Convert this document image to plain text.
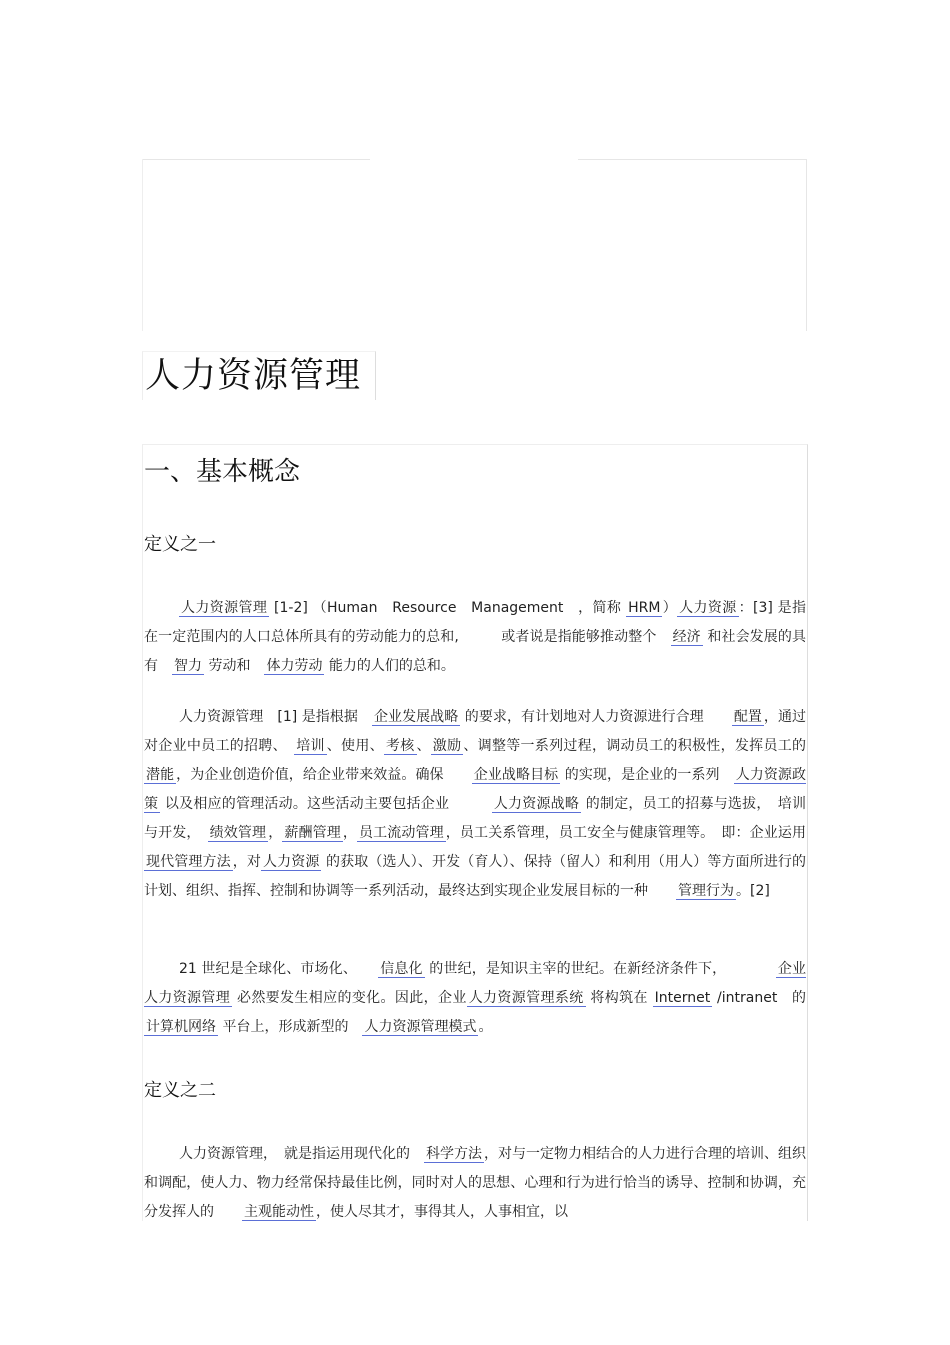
人力资源管理
一、基本概念
定义之一

人力资源管理 [1-2] （Human　Resource　Management　，简称 HRM ） 人力资源 ：[3] 是指在一定范围内的人口总体所具有的劳动能力的总和,　　　或者说是指能够推动整个　经济 和社会发展的具有　智力 劳动和　体力劳动 能力的人们的总和。

人力资源管理　[1] 是指根据　企业发展战略 的要求，有计划地对人力资源进行合理　　配置 ，通过对企业中员工的招聘、　培训 、使用、 考核 、 激励 、调整等一系列过程，调动员工的积极性，发挥员工的　潜能 ，为企业创造价值，给企业带来效益。确保　　企业战略目标 的实现，是企业的一系列　人力资源政策 以及相应的管理活动。这些活动主要包括企业　　　人力资源战略 的制定，员工的招募与选拔，　培训与开发，　绩效管理 ， 薪酬管理 ， 员工流动管理 ，员工关系管理，员工安全与健康管理等。　即：企业运用　现代管理方法 ，对 人力资源 的获取（选人）、开发（育人）、保持（留人）和利用（用人）等方面所进行的计划、组织、指挥、控制和协调等一系列活动，最终达到实现企业发展目标的一种　　管理行为 。[2]

21 世纪是全球化、市场化、　　信息化 的世纪，是知识主宰的世纪。在新经济条件下，　　　　企业人力资源管理 必然要发生相应的变化。因此，企业 人力资源管理系统 将构筑在 Internet /intranet　的计算机网络 平台上，形成新型的　人力资源管理模式 。

定义之二

人力资源管理，　就是指运用现代化的　科学方法 ，对与一定物力相结合的人力进行合理的培训、组织和调配，使人力、物力经常保持最佳比例，同时对人的思想、心理和行为进行恰当的诱导、控制和协调，充分发挥人的　　主观能动性 ，使人尽其才，事得其人，人事相宜，以
